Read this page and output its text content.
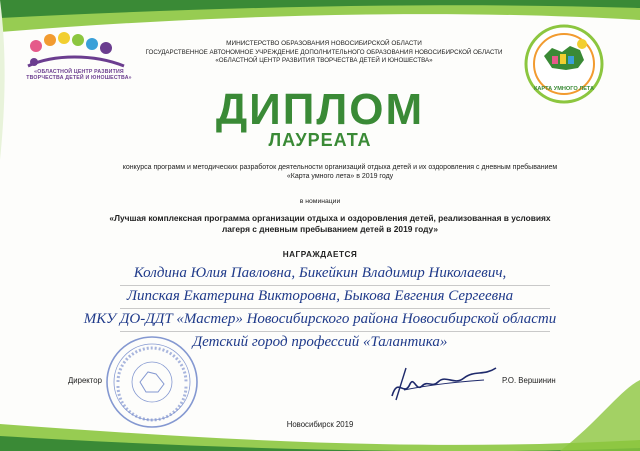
«ОБЛАСТНОЙ ЦЕНТР РАЗВИТИЯ ТВОРЧЕСТВА ДЕТЕЙ И ЮНОШЕСТВА»
МИНИСТЕРСТВО ОБРАЗОВАНИЯ НОВОСИБИРСКОЙ ОБЛАСТИ
ГОСУДАРСТВЕННОЕ АВТОНОМНОЕ УЧРЕЖДЕНИЕ ДОПОЛНИТЕЛЬНОГО ОБРАЗОВАНИЯ НОВОСИБИРСКОЙ ОБЛАСТИ
«ОБЛАСТНОЙ ЦЕНТР РАЗВИТИЯ ТВОРЧЕСТВА ДЕТЕЙ И ЮНОШЕСТВА»
КАРТА УМНОГО ЛЕТА
ДИПЛОМ
ЛАУРЕАТА
конкурса программ и методических разработок деятельности организаций отдыха детей и их оздоровления с дневным пребыванием
«Карта умного лета» в 2019 году
в номинации
«Лучшая комплексная программа организации отдыха и оздоровления детей, реализованная в условиях
лагеря с дневным пребыванием детей в 2019 году»
НАГРАЖДАЕТСЯ
Колдина Юлия Павловна, Бикейкин Владимир Николаевич,
Липская Екатерина Викторовна, Быкова Евгения Сергеевна
МКУ ДО-ДДТ «Мастер» Новосибирского района Новосибирской области
Детский город профессий «Талантика»
Директор	Р.О. Вершинин
Новосибирск 2019
